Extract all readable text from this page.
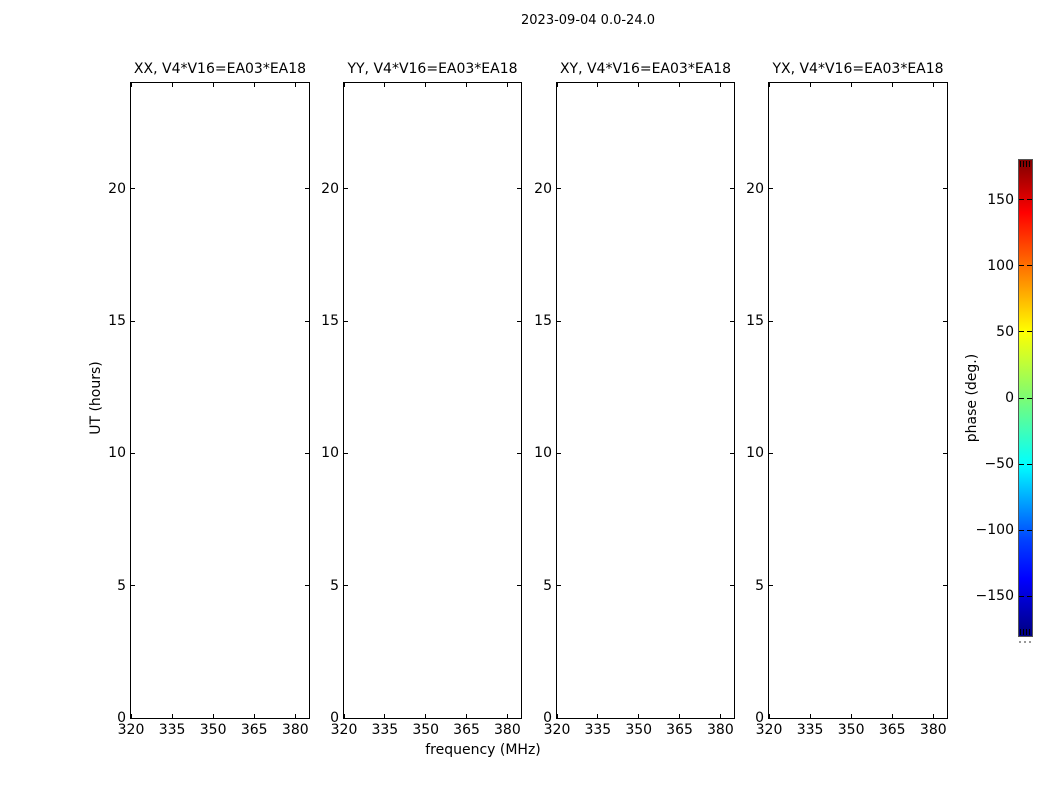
2023-09-04 0.0-24.0
XX, V4*V16=EA03*EA18
320 335 350 365 380
0
5
10
15
20
YY, V4*V16=EA03*EA18
320 335 350 365 380
0
5
10
15
20
XY, V4*V16=EA03*EA18
320 335 350 365 380
0
5
10
15
20
YX, V4*V16=EA03*EA18
320 335 350 365 380
0
5
10
15
20
UT (hours)
frequency (MHz)
150
100
50
0
−50
−100
−150
phase (deg.)
